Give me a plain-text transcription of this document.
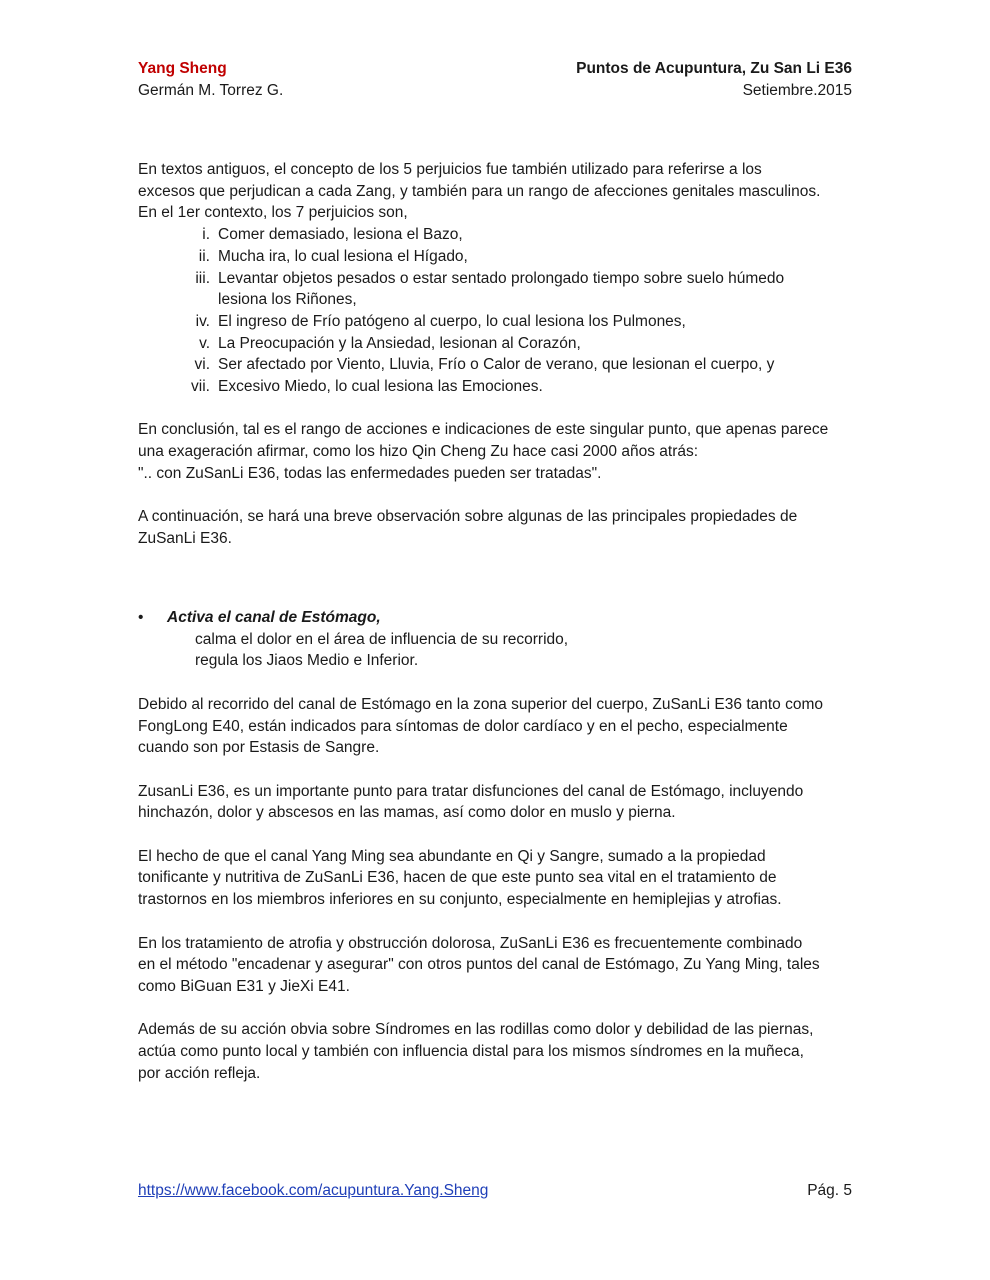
Yang Sheng	Puntos de Acupuntura, Zu San Li E36
Germán M. Torrez G.	Setiembre.2015

En textos antiguos, el concepto de los 5 perjuicios fue también utilizado para referirse a los
excesos que perjudican a cada Zang, y también para un rango de afecciones genitales masculinos.
En el 1er contexto, los 7 perjuicios son,

i. Comer demasiado, lesiona el Bazo,
ii. Mucha ira, lo cual lesiona el Hígado,
iii. Levantar objetos pesados o estar sentado prolongado tiempo sobre suelo húmedo
lesiona los Riñones,
iv. El ingreso de Frío patógeno al cuerpo, lo cual lesiona los Pulmones,
v. La Preocupación y la Ansiedad, lesionan al Corazón,
vi. Ser afectado por Viento, Lluvia, Frío o Calor de verano, que lesionan el cuerpo, y
vii. Excesivo Miedo, lo cual lesiona las Emociones.

En conclusión, tal es el rango de acciones e indicaciones de este singular punto, que apenas parece
una exageración afirmar, como los hizo Qin Cheng Zu hace casi 2000 años atrás:
".. con ZuSanLi E36, todas las enfermedades pueden ser tratadas".

A continuación, se hará una breve observación sobre algunas de las principales propiedades de
ZuSanLi E36.

• Activa el canal de Estómago,
calma el dolor en el área de influencia de su recorrido,
regula los Jiaos Medio e Inferior.

Debido al recorrido del canal de Estómago en la zona superior del cuerpo, ZuSanLi E36 tanto como
FongLong E40, están indicados para síntomas de dolor cardíaco y en el pecho, especialmente
cuando son por Estasis de Sangre.

ZusanLi E36, es un importante punto para tratar disfunciones del canal de Estómago, incluyendo
hinchazón, dolor y abscesos en las mamas, así como dolor en muslo y pierna.

El hecho de que el canal Yang Ming sea abundante en Qi y Sangre, sumado a la propiedad
tonificante y nutritiva de ZuSanLi E36, hacen de que este punto sea vital en el tratamiento de
trastornos en los miembros inferiores en su conjunto, especialmente en hemiplejias y atrofias.

En los tratamiento de atrofia y obstrucción dolorosa, ZuSanLi E36 es frecuentemente combinado
en el método "encadenar y asegurar" con otros puntos del canal de Estómago, Zu Yang Ming, tales
como BiGuan E31 y JieXi E41.

Además de su acción obvia sobre Síndromes en las rodillas como dolor y debilidad de las piernas,
actúa como punto local y también con influencia distal para los mismos síndromes en la muñeca,
por acción refleja.

https://www.facebook.com/acupuntura.Yang.Sheng	Pág. 5
